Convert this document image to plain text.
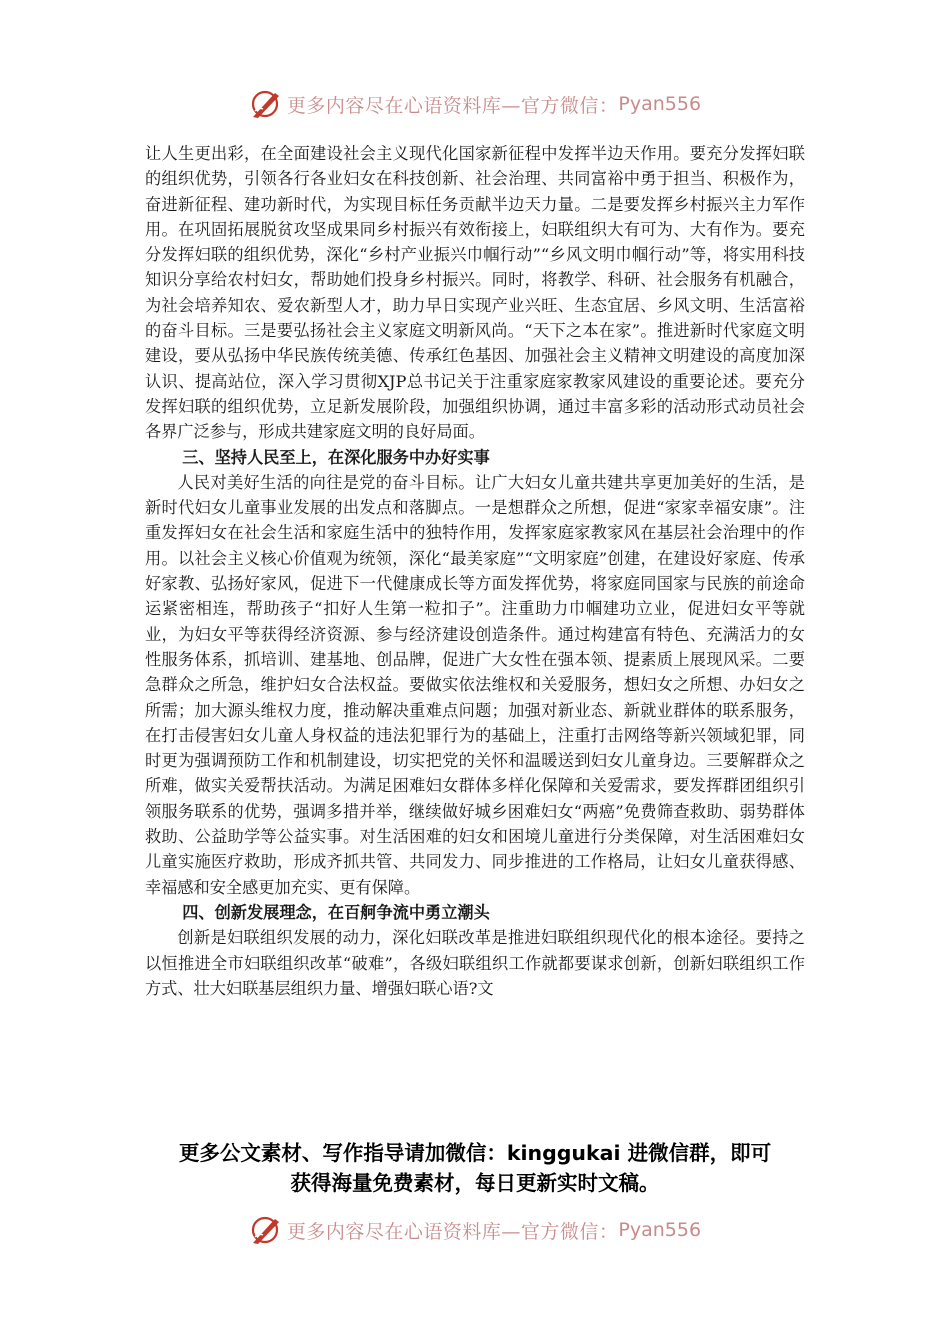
更多内容尽在心语资料库—官方微信： Pyan556

让人生更出彩，在全面建设社会主义现代化国家新征程中发挥半边天作用。要充分发挥妇联的组织优势，引领各行各业妇女在科技创新、社会治理、共同富裕中勇于担当、积极作为，奋进新征程、建功新时代，为实现目标任务贡献半边天力量。二是要发挥乡村振兴主力军作用。在巩固拓展脱贫攻坚成果同乡村振兴有效衔接上，妇联组织大有可为、大有作为。要充分发挥妇联的组织优势，深化“乡村产业振兴巾帼行动”“乡风文明巾帼行动”等，将实用科技知识分享给农村妇女，帮助她们投身乡村振兴。同时，将教学、科研、社会服务有机融合，为社会培养知农、爱农新型人才，助力早日实现产业兴旺、生态宜居、乡风文明、生活富裕的奋斗目标。三是要弘扬社会主义家庭文明新风尚。“天下之本在家”。推进新时代家庭文明建设，要从弘扬中华民族传统美德、传承红色基因、加强社会主义精神文明建设的高度加深认识、提高站位，深入学习贯彻XJP总书记关于注重家庭家教家风建设的重要论述。要充分发挥妇联的组织优势，立足新发展阶段，加强组织协调，通过丰富多彩的活动形式动员社会各界广泛参与，形成共建家庭文明的良好局面。

三、坚持人民至上，在深化服务中办好实事

人民对美好生活的向往是党的奋斗目标。让广大妇女儿童共建共享更加美好的生活，是新时代妇女儿童事业发展的出发点和落脚点。一是想群众之所想，促进“家家幸福安康”。注重发挥妇女在社会生活和家庭生活中的独特作用，发挥家庭家教家风在基层社会治理中的作用。以社会主义核心价值观为统领，深化“最美家庭”“文明家庭”创建，在建设好家庭、传承好家教、弘扬好家风，促进下一代健康成长等方面发挥优势，将家庭同国家与民族的前途命运紧密相连，帮助孩子“扣好人生第一粒扣子”。注重助力巾帼建功立业，促进妇女平等就业，为妇女平等获得经济资源、参与经济建设创造条件。通过构建富有特色、充满活力的女性服务体系，抓培训、建基地、创品牌，促进广大女性在强本领、提素质上展现风采。二要急群众之所急，维护妇女合法权益。要做实依法维权和关爱服务，想妇女之所想、办妇女之所需；加大源头维权力度，推动解决重难点问题；加强对新业态、新就业群体的联系服务，在打击侵害妇女儿童人身权益的违法犯罪行为的基础上，注重打击网络等新兴领域犯罪，同时更为强调预防工作和机制建设，切实把党的关怀和温暖送到妇女儿童身边。三要解群众之所难，做实关爱帮扶活动。为满足困难妇女群体多样化保障和关爱需求，要发挥群团组织引领服务联系的优势，强调多措并举，继续做好城乡困难妇女“两癌”免费筛查救助、弱势群体救助、公益助学等公益实事。对生活困难的妇女和困境儿童进行分类保障，对生活困难妇女儿童实施医疗救助，形成齐抓共管、共同发力、同步推进的工作格局，让妇女儿童获得感、幸福感和安全感更加充实、更有保障。

四、创新发展理念，在百舸争流中勇立潮头

创新是妇联组织发展的动力，深化妇联改革是推进妇联组织现代化的根本途径。要持之以恒推进全市妇联组织改革“破难”，各级妇联组织工作就都要谋求创新，创新妇联组织工作方式、壮大妇联基层组织力量、增强妇联心语?文

更多公文素材、写作指导请加微信：kinggukai 进微信群，即可
获得海量免费素材，每日更新实时文稿。
更多内容尽在心语资料库—官方微信： Pyan556
